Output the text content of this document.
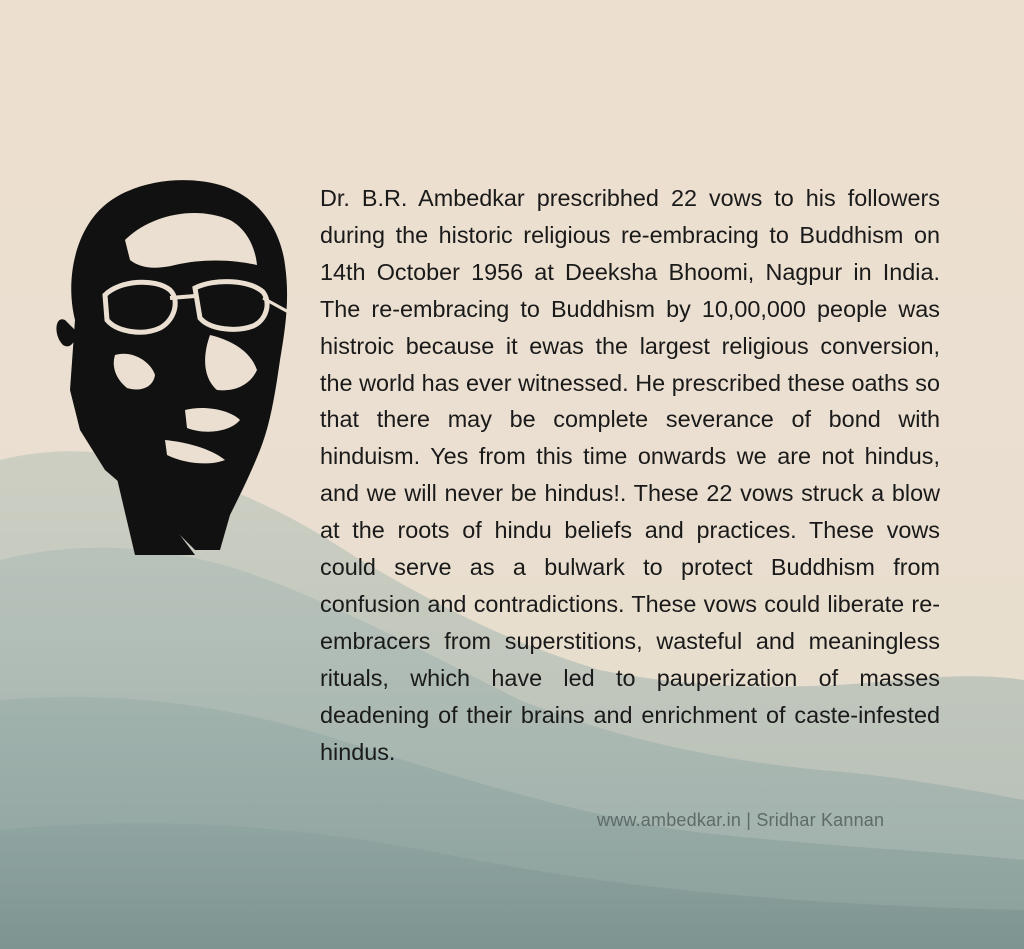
Dr. B.R. Ambedkar prescribhed 22 vows to his followers during the historic religious re-embracing to Buddhism on 14th October 1956 at Deeksha Bhoomi, Nagpur in India. The re-embracing to Buddhism by 10,00,000 people was histroic because it ewas the largest religious conversion, the world has ever witnessed. He prescribed these oaths so that there may be complete severance of bond with hinduism. Yes from this time onwards we are not hindus, and we will never be hindus!. These 22 vows struck a blow at the roots of hindu beliefs and practices. These vows could serve as a bulwark to protect Buddhism from confusion and contradictions. These vows could liberate re-embracers from superstitions, wasteful and meaningless rituals, which have led to pauperization of masses deadening of their brains and enrichment of caste-infested hindus.

www.ambedkar.in | Sridhar Kannan
